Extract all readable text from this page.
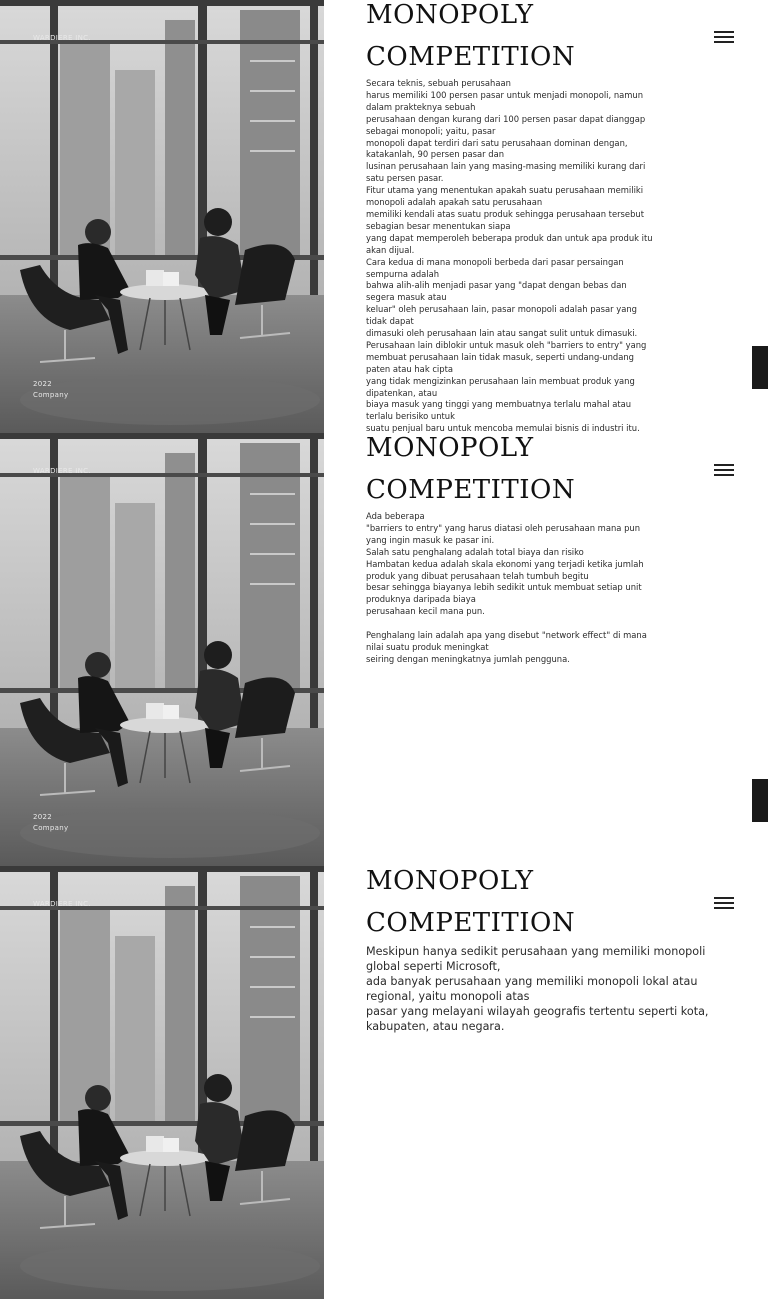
WARDIERE INC.
2022
Company
MONOPOLY
COMPETITION

Secara teknis, sebuah perusahaan

harus memiliki 100 persen pasar untuk menjadi monopoli, namun dalam prakteknya sebuah

perusahaan dengan kurang dari 100 persen pasar dapat dianggap sebagai monopoli; yaitu, pasar

monopoli dapat terdiri dari satu perusahaan dominan dengan, katakanlah, 90 persen pasar dan

lusinan perusahaan lain yang masing-masing memiliki kurang dari satu persen pasar.

Fitur utama yang menentukan apakah suatu perusahaan memiliki monopoli adalah apakah satu perusahaan

memiliki kendali atas suatu produk sehingga perusahaan tersebut sebagian besar menentukan siapa

yang dapat memperoleh beberapa produk dan untuk apa produk itu akan dijual.

Cara kedua di mana monopoli berbeda dari pasar persaingan sempurna adalah

bahwa alih-alih menjadi pasar yang "dapat dengan bebas dan segera masuk atau

keluar" oleh perusahaan lain, pasar monopoli adalah pasar yang tidak dapat

dimasuki oleh perusahaan lain atau sangat sulit untuk dimasuki.

Perusahaan lain diblokir untuk masuk oleh "barriers to entry" yang membuat perusahaan lain tidak masuk, seperti undang-undang paten atau hak cipta

yang tidak mengizinkan perusahaan lain membuat produk yang dipatenkan, atau

biaya masuk yang tinggi yang membuatnya terlalu mahal atau terlalu berisiko untuk

suatu penjual baru untuk mencoba memulai bisnis di industri itu.

WARDIERE INC.
2022
Company
MONOPOLY
COMPETITION

Ada beberapa

"barriers to entry" yang harus diatasi oleh perusahaan mana pun yang ingin masuk ke pasar ini.

Salah satu penghalang adalah total biaya dan risiko

Hambatan kedua adalah skala ekonomi yang terjadi ketika jumlah produk yang dibuat perusahaan telah tumbuh begitu

besar sehingga biayanya lebih sedikit untuk membuat setiap unit produknya daripada biaya

perusahaan kecil mana pun.

Penghalang lain adalah apa yang disebut "network effect" di mana nilai suatu produk meningkat

seiring dengan meningkatnya jumlah pengguna.

WARDIERE INC.
MONOPOLY
COMPETITION

Meskipun hanya sedikit perusahaan yang memiliki monopoli global seperti Microsoft,

ada banyak perusahaan yang memiliki monopoli lokal atau regional, yaitu monopoli atas

pasar yang melayani wilayah geografis tertentu seperti kota, kabupaten, atau negara.
